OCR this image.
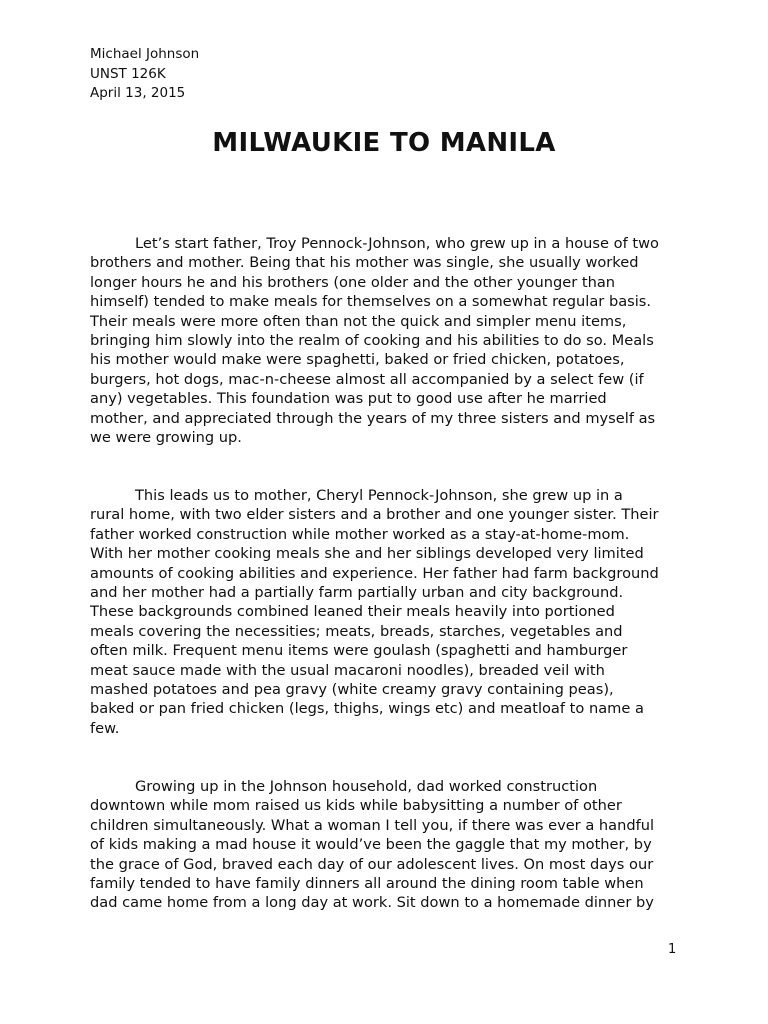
Michael Johnson
UNST 126K
April 13, 2015
MILWAUKIE TO MANILA
Let’s start father, Troy Pennock-Johnson, who grew up in a house of two
brothers and mother. Being that his mother was single, she usually worked
longer hours he and his brothers (one older and the other younger than
himself) tended to make meals for themselves on a somewhat regular basis.
Their meals were more often than not the quick and simpler menu items,
bringing him slowly into the realm of cooking and his abilities to do so. Meals
his mother would make were spaghetti, baked or fried chicken, potatoes,
burgers, hot dogs, mac-n-cheese almost all accompanied by a select few (if
any) vegetables. This foundation was put to good use after he married
mother, and appreciated through the years of my three sisters and myself as
we were growing up.
This leads us to mother, Cheryl Pennock-Johnson, she grew up in a
rural home, with two elder sisters and a brother and one younger sister. Their
father worked construction while mother worked as a stay-at-home-mom.
With her mother cooking meals she and her siblings developed very limited
amounts of cooking abilities and experience. Her father had farm background
and her mother had a partially farm partially urban and city background.
These backgrounds combined leaned their meals heavily into portioned
meals covering the necessities; meats, breads, starches, vegetables and
often milk. Frequent menu items were goulash (spaghetti and hamburger
meat sauce made with the usual macaroni noodles), breaded veil with
mashed potatoes and pea gravy (white creamy gravy containing peas),
baked or pan fried chicken (legs, thighs, wings etc) and meatloaf to name a
few.
Growing up in the Johnson household, dad worked construction
downtown while mom raised us kids while babysitting a number of other
children simultaneously. What a woman I tell you, if there was ever a handful
of kids making a mad house it would’ve been the gaggle that my mother, by
the grace of God, braved each day of our adolescent lives. On most days our
family tended to have family dinners all around the dining room table when
dad came home from a long day at work. Sit down to a homemade dinner by
1
